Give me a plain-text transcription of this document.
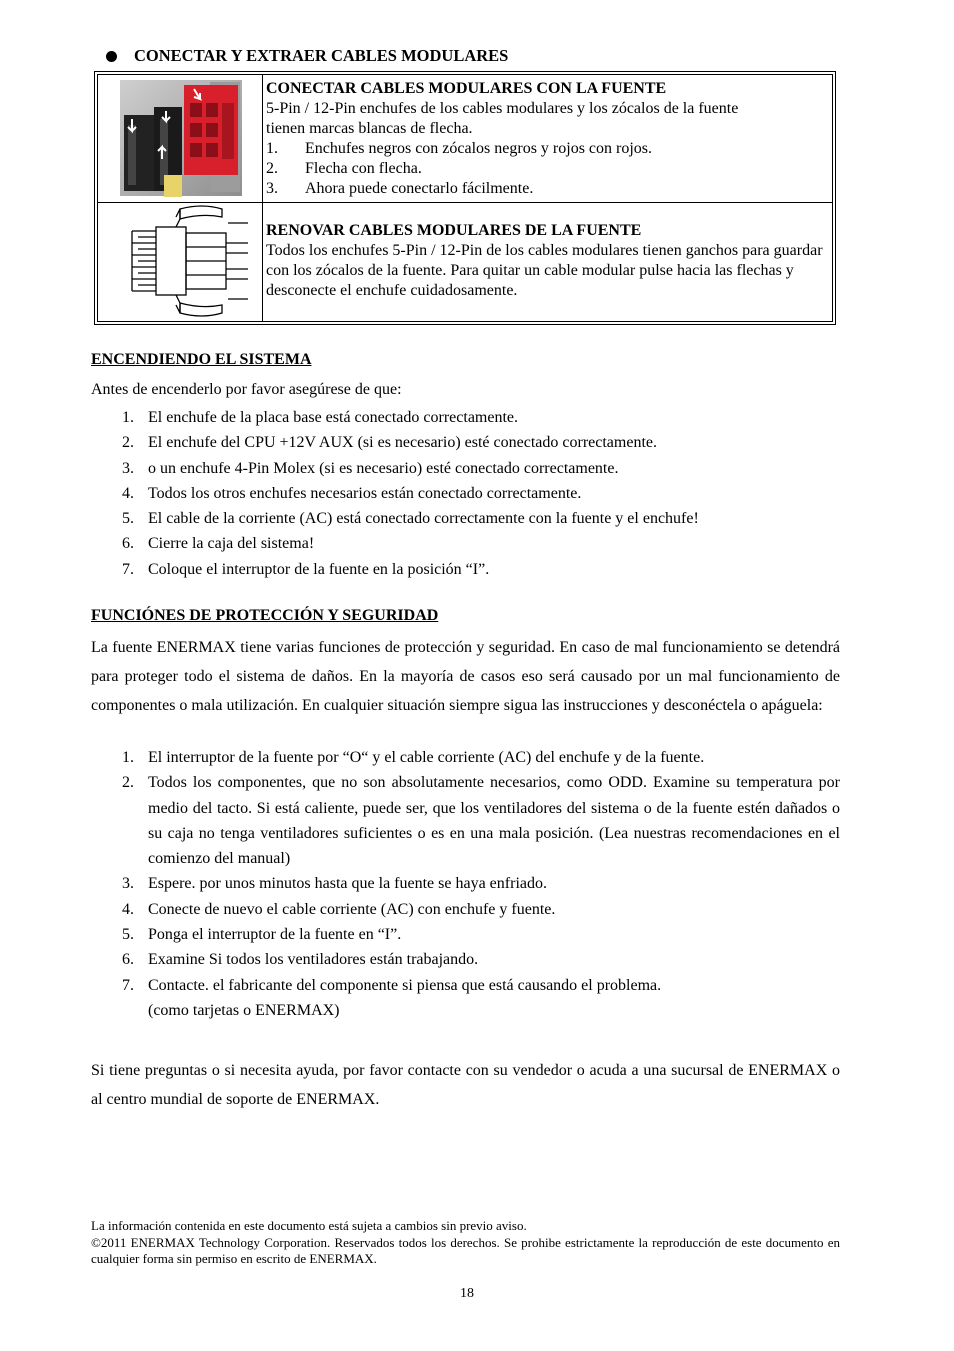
CONECTAR Y EXTRAER CABLES MODULARES
CONECTAR CABLES MODULARES CON LA FUENTE
5-Pin / 12-Pin enchufes de los cables modulares y los zócalos de la fuente
tienen marcas blancas de flecha.
1.	Enchufes negros con zócalos negros y rojos con rojos.
2.	Flecha con flecha.
3.	Ahora puede conectarlo fácilmente.
RENOVAR CABLES MODULARES DE LA FUENTE
Todos los enchufes 5-Pin / 12-Pin de los cables modulares tienen ganchos para guardar con los zócalos de la fuente. Para quitar un cable modular pulse hacia las flechas y desconecte el enchufe cuidadosamente.
ENCENDIENDO EL SISTEMA
Antes de encenderlo por favor asegúrese de que:
1. El enchufe de la placa base está conectado correctamente.
2. El enchufe del CPU +12V AUX (si es necesario) esté conectado correctamente.
3. o un enchufe 4-Pin Molex (si es necesario) esté conectado correctamente.
4. Todos los otros enchufes necesarios están conectado correctamente.
5. El cable de la corriente (AC) está conectado correctamente con la fuente y el enchufe!
6. Cierre la caja del sistema!
7. Coloque el interruptor de la fuente en la posición “I”.
FUNCIÓNES DE PROTECCIÓN Y SEGURIDAD
La fuente ENERMAX tiene varias funciones de protección y seguridad. En caso de mal funcionamiento se detendrá para proteger todo el sistema de daños. En la mayoría de casos eso será causado por un mal funcionamiento de componentes o mala utilización. En cualquier situación siempre sigua las instrucciones y desconéctela o apáguela:
1. El interruptor de la fuente por “O“ y el cable corriente (AC) del enchufe y de la fuente.
2. Todos los componentes, que no son absolutamente necesarios, como ODD. Examine su temperatura por medio del tacto. Si está caliente, puede ser, que los ventiladores del sistema o de la fuente estén dañados o su caja no tenga ventiladores suficientes o es en una mala posición. (Lea nuestras recomendaciones en el comienzo del manual)
3. Espere. por unos minutos hasta que la fuente se haya enfriado.
4. Conecte de nuevo el cable corriente (AC) con enchufe y fuente.
5. Ponga el interruptor de la fuente en “I”.
6. Examine Si todos los ventiladores están trabajando.
7. Contacte. el fabricante del componente si piensa que está causando el problema.
(como tarjetas o ENERMAX)
Si tiene preguntas o si necesita ayuda, por favor contacte con su vendedor o acuda a una sucursal de ENERMAX o al centro mundial de soporte de ENERMAX.
La información contenida en este documento está sujeta a cambios sin previo aviso.
©2011 ENERMAX Technology Corporation. Reservados todos los derechos. Se prohibe estrictamente la reproducción de este documento en cualquier forma sin permiso en escrito de ENERMAX.
18
